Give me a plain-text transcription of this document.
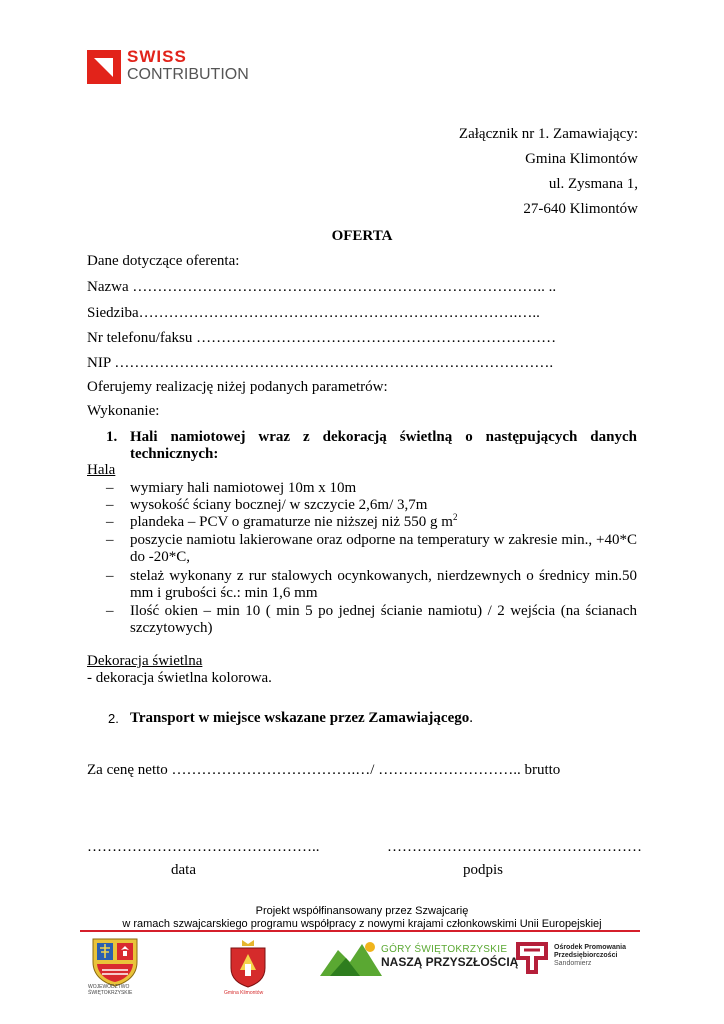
SWISS
CONTRIBUTION
Załącznik nr 1. Zamawiający:
Gmina Klimontów
ul. Zysmana 1,
27-640 Klimontów
OFERTA
Dane dotyczące oferenta:
Nazwa ……………………………………………………………………….. ..
Siedziba………………………………………………………………….…..
Nr telefonu/faksu ………………………………………………………………
NIP …………………………………………………………………………….
Oferujemy realizację niżej podanych parametrów:
Wykonanie:
1. Hali namiotowej wraz z dekoracją świetlną o następujących danych
technicznych:
Hala
– wymiary hali namiotowej 10m x 10m
– wysokość ściany bocznej/ w szczycie 2,6m/ 3,7m
– plandeka – PCV o gramaturze nie niższej niż 550 g $m^2$
– poszycie namiotu lakierowane oraz odporne na temperatury w zakresie min., +40*C do -20*C,
– stelaż wykonany z rur stalowych ocynkowanych, nierdzewnych o średnicy min.50 mm i grubości śc.: min 1,6 mm
– Ilość okien – min 10 ( min 5 po jednej ścianie namiotu) / 2 wejścia (na ścianach szczytowych)
Dekoracja świetlna
- dekoracja świetlna kolorowa.
2. Transport w miejsce wskazane przez Zamawiającego.
Za cenę netto ……………………………….…/ ……………………….. brutto
………………………………………..	……………………………………………
data	podpis
Projekt współfinansowany przez Szwajcarię
w ramach szwajcarskiego programu współpracy z nowymi krajami członkowskimi Unii Europejskiej
WOJEWÓDZTWO
ŚWIĘTOKRZYSKIE	Gmina Klimontów
GÓRY ŚWIĘTOKRZYSKIE
NASZĄ PRZYSZŁOŚCIĄ
Ośrodek Promowania
Przedsiębiorczości
Sandomierz
